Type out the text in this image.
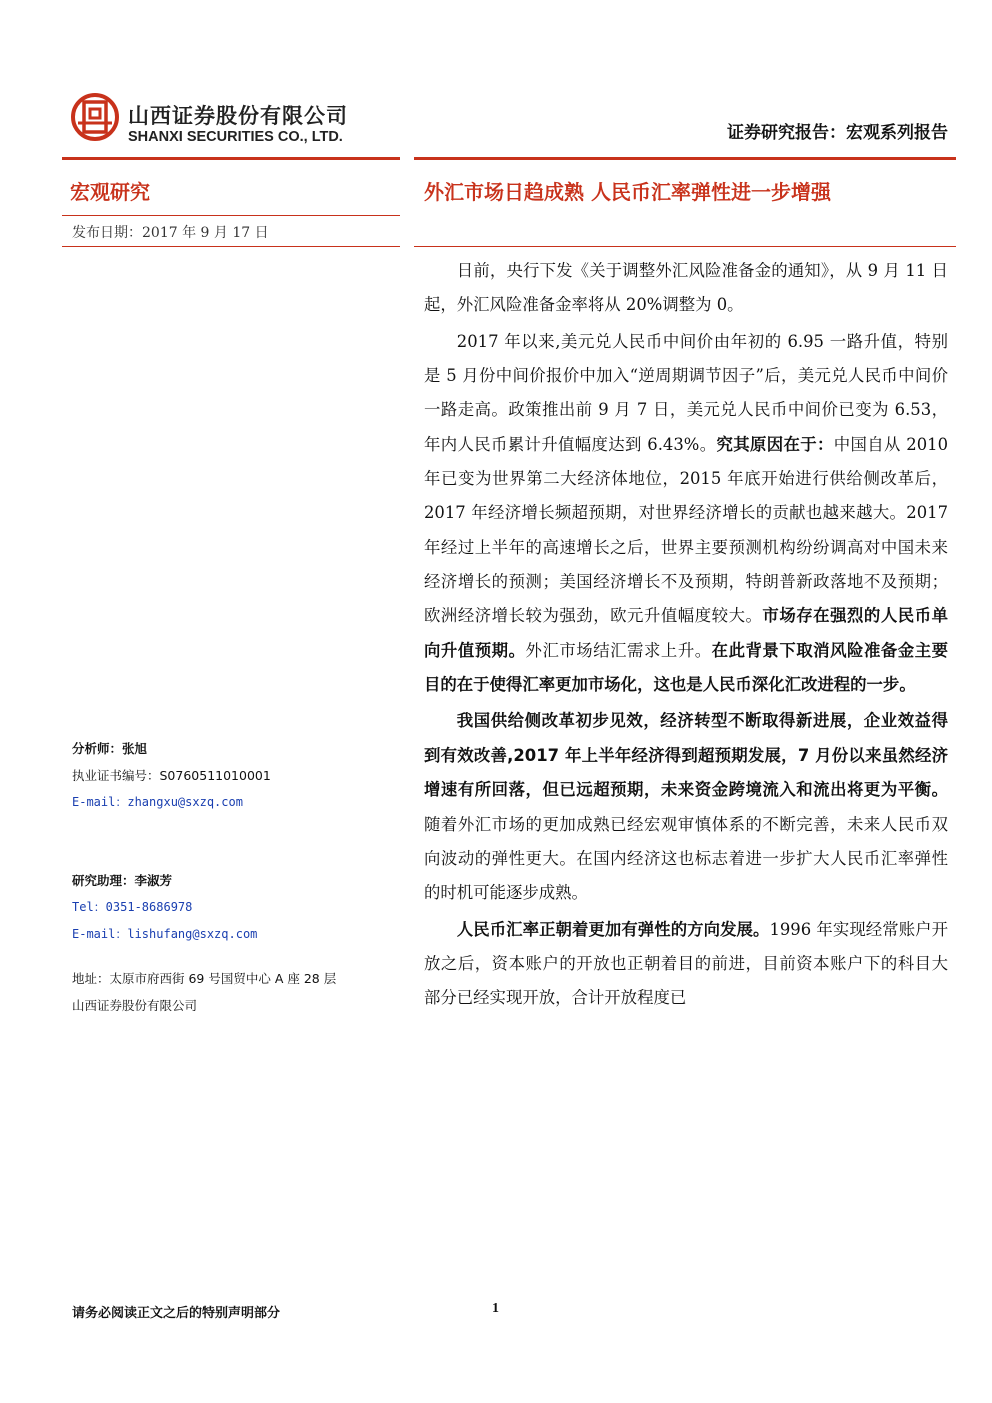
山西证券股份有限公司
SHANXI SECURITIES CO., LTD.	证券研究报告：宏观系列报告
宏观研究	外汇市场日趋成熟 人民币汇率弹性进一步增强
发布日期：2017 年 9 月 17 日
分析师：张旭
执业证书编号：S0760511010001
E-mail：zhangxu@sxzq.com
研究助理：李淑芳
Tel：0351-8686978
E-mail：lishufang@sxzq.com
地址：太原市府西街 69 号国贸中心 A 座 28 层
山西证券股份有限公司

日前，央行下发《关于调整外汇风险准备金的通知》，从 9 月 11 日起，外汇风险准备金率将从 20%调整为 0。

2017 年以来,美元兑人民币中间价由年初的 6.95 一路升值，特别是 5 月份中间价报价中加入“逆周期调节因子”后，美元兑人民币中间价一路走高。政策推出前 9 月 7 日，美元兑人民币中间价已变为 6.53，年内人民币累计升值幅度达到 6.43%。究其原因在于：中国自从 2010 年已变为世界第二大经济体地位，2015 年底开始进行供给侧改革后，2017 年经济增长频超预期，对世界经济增长的贡献也越来越大。2017 年经过上半年的高速增长之后，世界主要预测机构纷纷调高对中国未来经济增长的预测；美国经济增长不及预期，特朗普新政落地不及预期；欧洲经济增长较为强劲，欧元升值幅度较大。市场存在强烈的人民币单向升值预期。外汇市场结汇需求上升。在此背景下取消风险准备金主要目的在于使得汇率更加市场化，这也是人民币深化汇改进程的一步。

我国供给侧改革初步见效，经济转型不断取得新进展，企业效益得到有效改善,2017 年上半年经济得到超预期发展，7 月份以来虽然经济增速有所回落，但已远超预期，未来资金跨境流入和流出将更为平衡。随着外汇市场的更加成熟已经宏观审慎体系的不断完善，未来人民币双向波动的弹性更大。在国内经济这也标志着进一步扩大人民币汇率弹性的时机可能逐步成熟。

人民币汇率正朝着更加有弹性的方向发展。1996 年实现经常账户开放之后，资本账户的开放也正朝着目的前进，目前资本账户下的科目大部分已经实现开放，合计开放程度已

请务必阅读正文之后的特别声明部分	1
